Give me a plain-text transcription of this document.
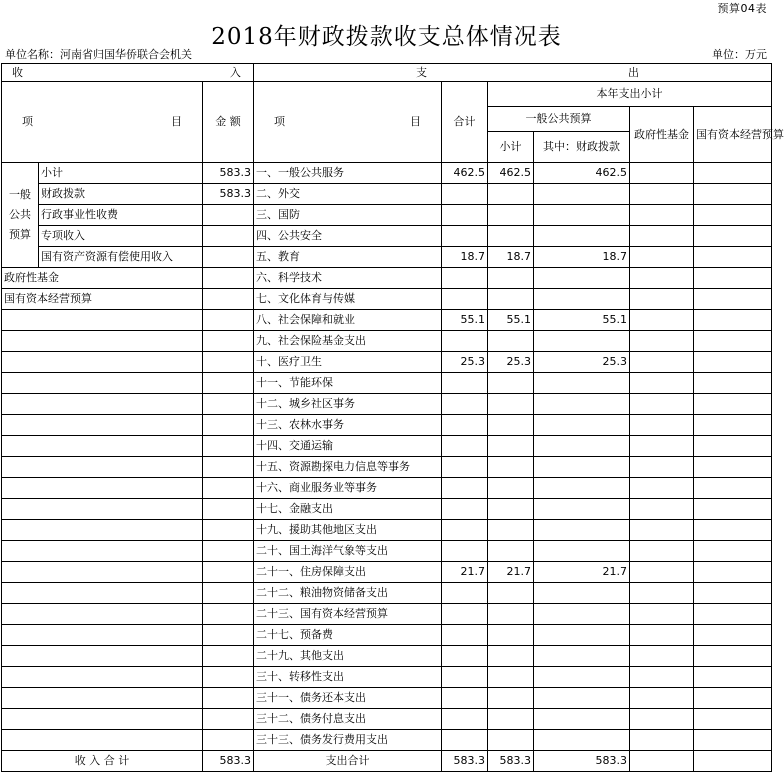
预算04表
2018年财政拨款收支总体情况表
单位名称：河南省归国华侨联合会机关	单位：万元
收 入			支 出					

项 目		金 额	项 目	合计	本年支出小计			
					一般公共预算		政府性基金	国有资本经营预算
					小计	其中：财政拨款		
一般公共预算	小计	583.3	一、一般公共服务	462.5	462.5	462.5		
	财政拨款	583.3	二、外交					
	行政事业性收费		三、国防					
	专项收入		四、公共安全					
	国有资产资源有偿使用收入		五、教育	18.7	18.7	18.7		
政府性基金			六、科学技术					
国有资本经营预算			七、文化体育与传媒					
			八、社会保障和就业	55.1	55.1	55.1		
			九、社会保险基金支出					
			十、医疗卫生	25.3	25.3	25.3		
			十一、节能环保					
			十二、城乡社区事务					
			十三、农林水事务					
			十四、交通运输					
			十五、资源勘探电力信息等事务					
			十六、商业服务业等事务					
			十七、金融支出					
			十九、援助其他地区支出					
			二十、国土海洋气象等支出					
			二十一、住房保障支出	21.7	21.7	21.7		
			二十二、粮油物资储备支出					
			二十三、国有资本经营预算					
			二十七、预备费					
			二十九、其他支出					
			三十、转移性支出					
			三十一、债务还本支出					
			三十二、债务付息支出					
			三十三、债务发行费用支出					
收 入 合 计		583.3	支出合计	583.3	583.3	583.3		
